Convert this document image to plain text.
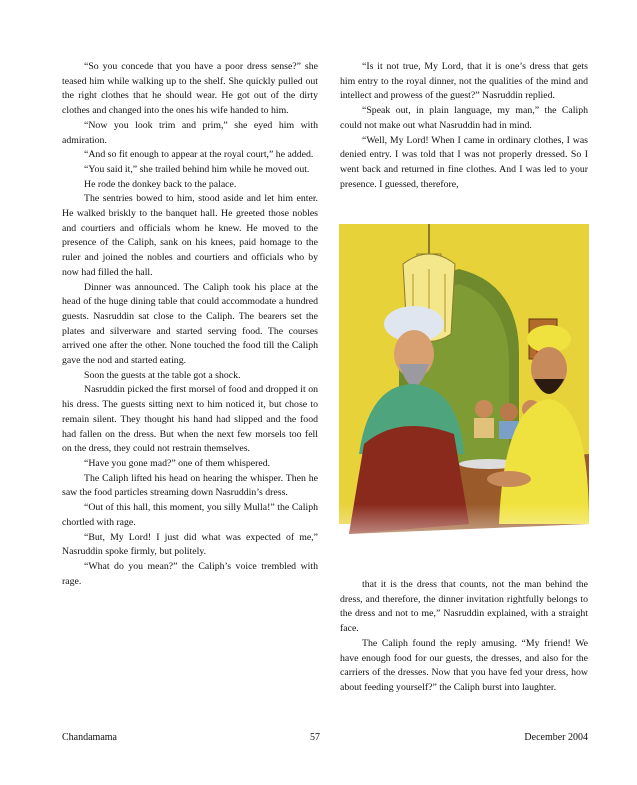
“So you concede that you have a poor dress sense?” she teased him while walking up to the shelf. She quickly pulled out the right clothes that he should wear. He got out of the dirty clothes and changed into the ones his wife handed to him.

“Now you look trim and prim,” she eyed him with admiration.

“And so fit enough to appear at the royal court,” he added.

“You said it,” she trailed behind him while he moved out.

He rode the donkey back to the palace.

The sentries bowed to him, stood aside and let him enter. He walked briskly to the banquet hall. He greeted those nobles and courtiers and officials whom he knew. He moved to the presence of the Caliph, sank on his knees, paid homage to the ruler and joined the nobles and courtiers and officials who by now had filled the hall.

Dinner was announced. The Caliph took his place at the head of the huge dining table that could accommodate a hundred guests. Nasruddin sat close to the Caliph. The bearers set the plates and silverware and started serving food. The courses arrived one after the other. None touched the food till the Caliph gave the nod and started eating.

Soon the guests at the table got a shock.

Nasruddin picked the first morsel of food and dropped it on his dress. The guests sitting next to him noticed it, but chose to remain silent. They thought his hand had slipped and the food had fallen on the dress. But when the next few morsels too fell on the dress, they could not restrain themselves.

“Have you gone mad?” one of them whispered.

The Caliph lifted his head on hearing the whisper. Then he saw the food particles streaming down Nasruddin’s dress.

“Out of this hall, this moment, you silly Mulla!” the Caliph chortled with rage.

“But, My Lord! I just did what was expected of me,” Nasruddin spoke firmly, but politely.

“What do you mean?” the Caliph’s voice trembled with rage.

“Is it not true, My Lord, that it is one’s dress that gets him entry to the royal dinner, not the qualities of the mind and intellect and prowess of the guest?” Nasruddin replied.

“Speak out, in plain language, my man,” the Caliph could not make out what Nasruddin had in mind.

“Well, My Lord! When I came in ordinary clothes, I was denied entry. I was told that I was not properly dressed. So I went back and returned in fine clothes. And I was led to your presence. I guessed, therefore,

that it is the dress that counts, not the man behind the dress, and therefore, the dinner invitation rightfully belongs to the dress and not to me,” Nasruddin explained, with a straight face.

The Caliph found the reply amusing. “My friend! We have enough food for our guests, the dresses, and also for the carriers of the dresses. Now that you have fed your dress, how about feeding yourself?” the Caliph burst into laughter.

Chandamama	57	December 2004
